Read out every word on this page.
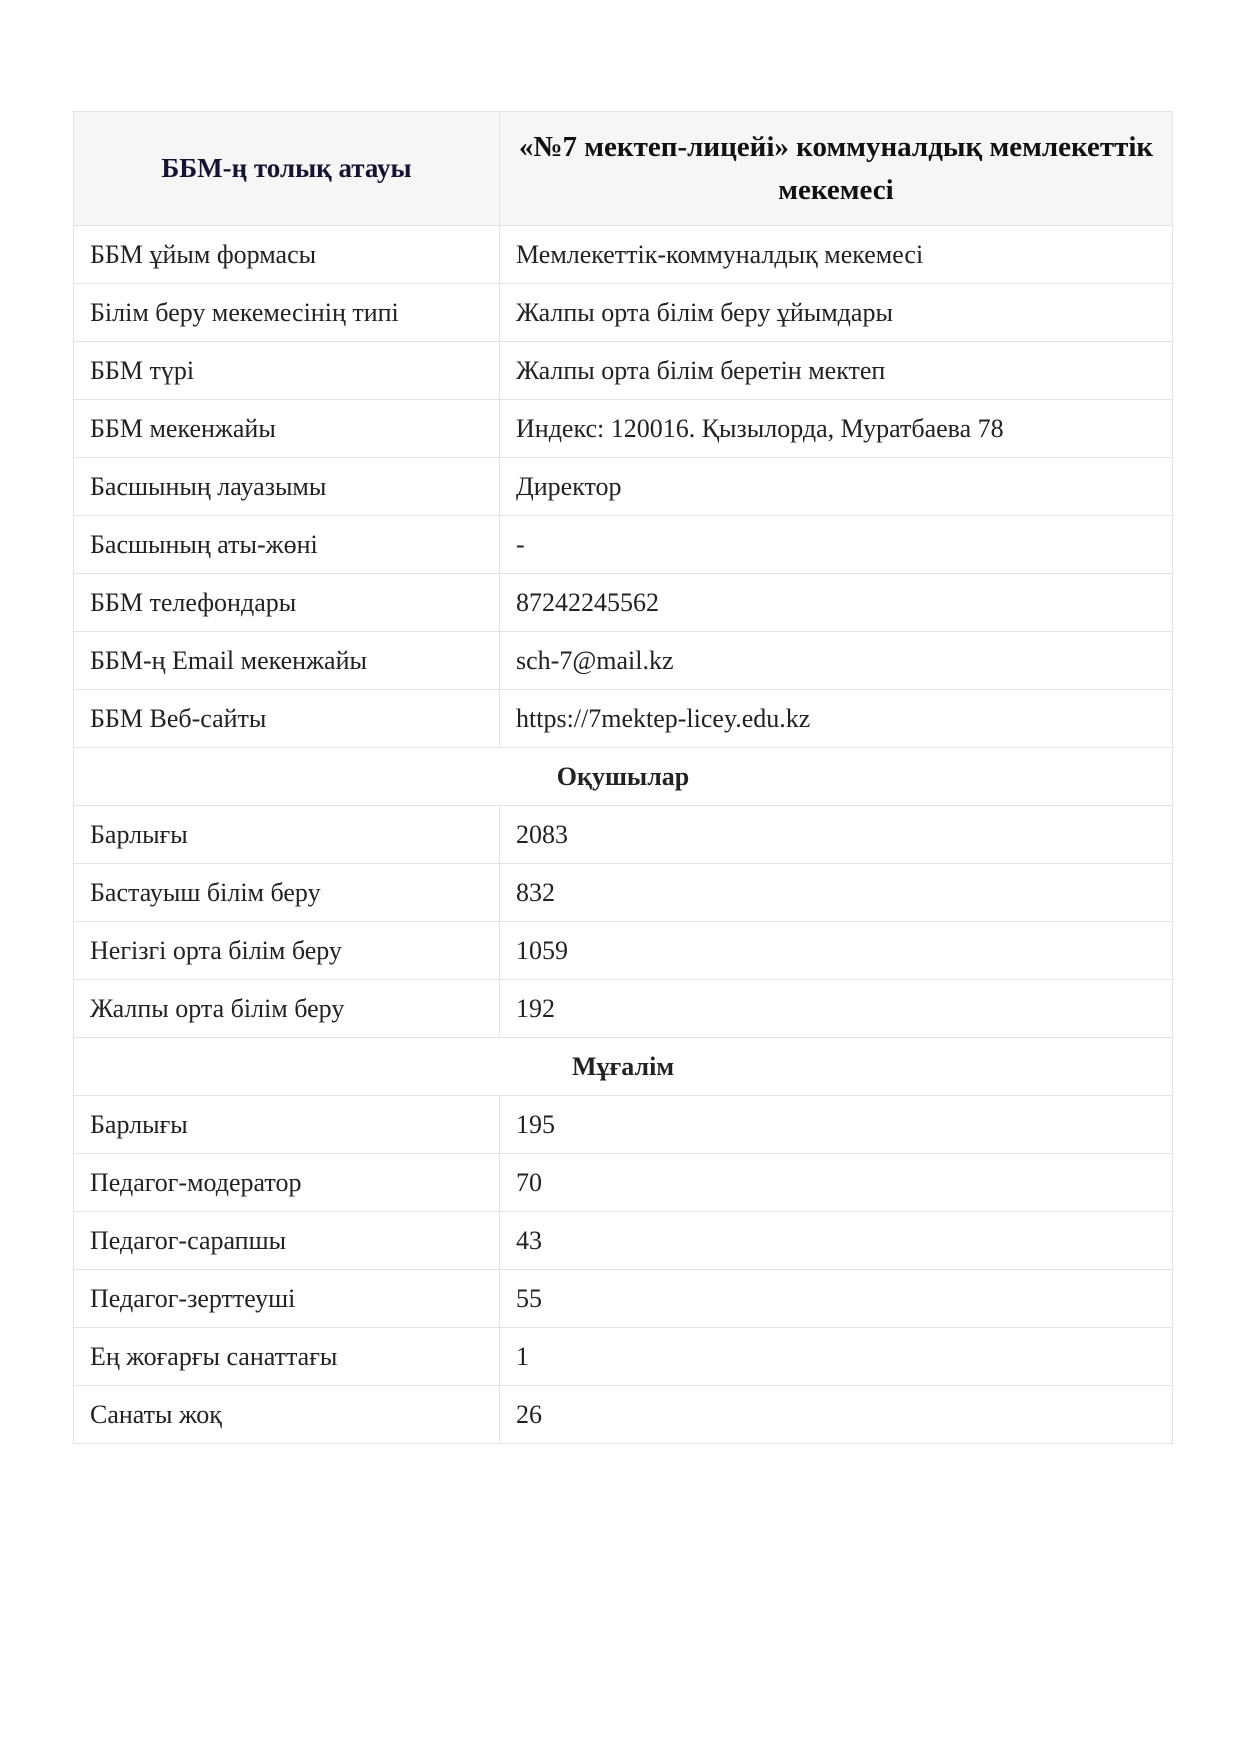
ББМ-ң толық атауы	«№7 мектеп-лицейі» коммуналдық мемлекеттік мекемесі
ББМ ұйым формасы	Мемлекеттік-коммуналдық мекемесі
Білім беру мекемесінің типі	Жалпы орта білім беру ұйымдары
ББМ түрі	Жалпы орта білім беретін мектеп
ББМ мекенжайы	Индекс: 120016. Қызылорда, Муратбаева 78
Басшының лауазымы	Директор
Басшының аты-жөні	-
ББМ телефондары	87242245562
ББМ-ң Email мекенжайы	sch-7@mail.kz
ББМ Веб-сайты	https://7mektep-licey.edu.kz
Оқушылар	
Барлығы	2083
Бастауыш білім беру	832
Негізгі орта білім беру	1059
Жалпы орта білім беру	192
Мұғалім	
Барлығы	195
Педагог-модератор	70
Педагог-сарапшы	43
Педагог-зерттеуші	55
Ең жоғарғы санаттағы	1
Санаты жоқ	26
